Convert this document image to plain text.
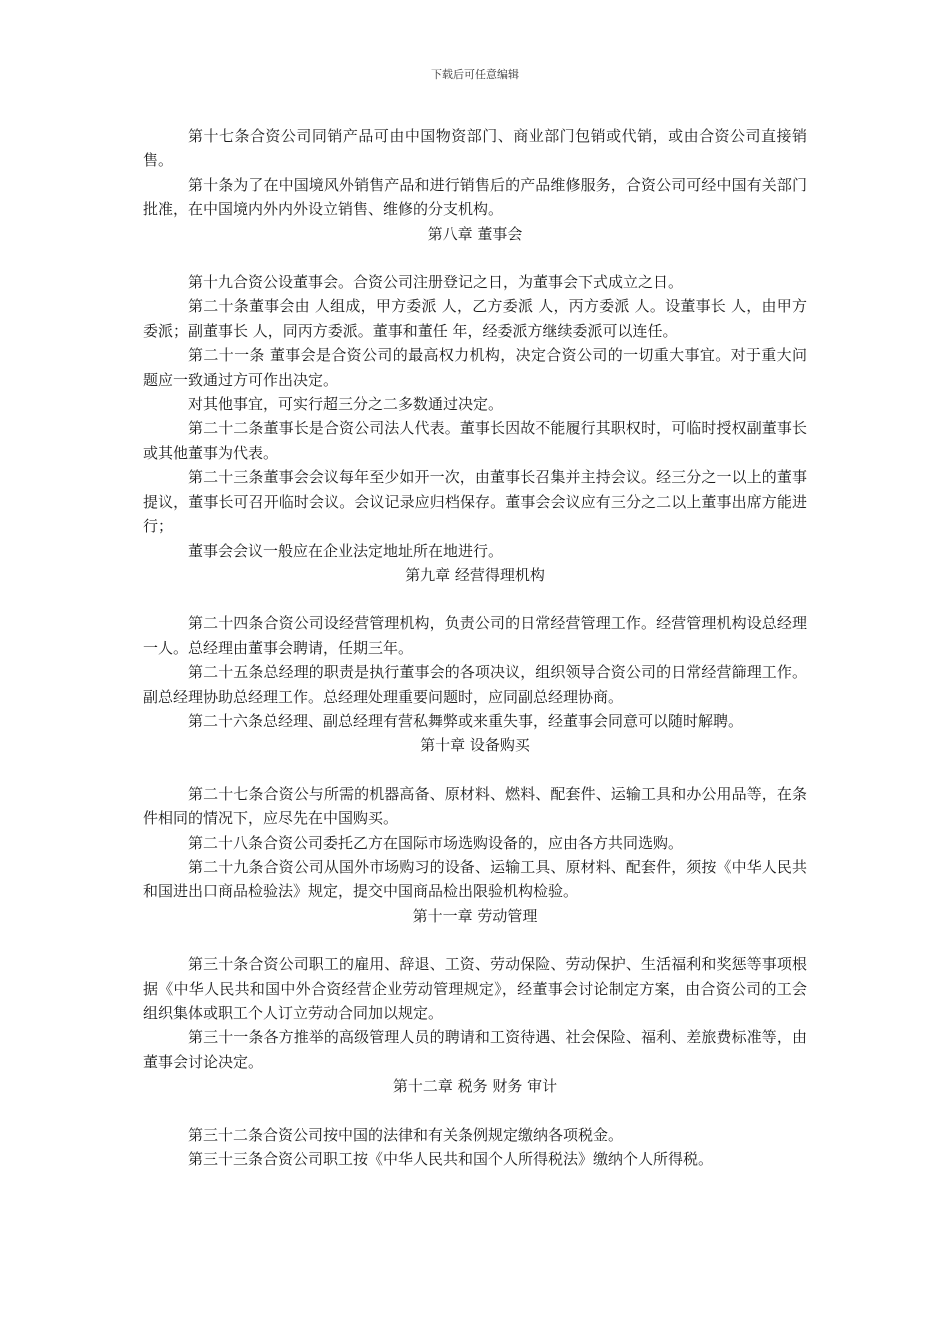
下载后可任意编辑
第十七条合资公司同销产品可由中国物资部门、商业部门包销或代销，或由合资公司直接销售。
第十条为了在中国境风外销售产品和进行销售后的产品维修服务，合资公司可经中国有关部门批准，在中国境内外内外设立销售、维修的分支机构。
第八章 董事会
第十九合资公设董事会。合资公司注册登记之日，为董事会下式成立之日。
第二十条董事会由 人组成，甲方委派 人，乙方委派 人，丙方委派 人。设董事长 人，由甲方委派；副董事长 人，同丙方委派。董事和董任 年，经委派方继续委派可以连任。
第二十一条 董事会是合资公司的最高权力机构，决定合资公司的一切重大事宜。对于重大问题应一致通过方可作出决定。
对其他事宜，可实行超三分之二多数通过决定。
第二十二条董事长是合资公司法人代表。董事长因故不能履行其职权时，可临时授权副董事长或其他董事为代表。
第二十三条董事会会议每年至少如开一次，由董事长召集并主持会议。经三分之一以上的董事提议，董事长可召开临时会议。会议记录应归档保存。董事会会议应有三分之二以上董事出席方能进行；
董事会会议一般应在企业法定地址所在地进行。
第九章 经营得理机构
第二十四条合资公司设经营管理机构，负责公司的日常经营管理工作。经营管理机构设总经理一人。总经理由董事会聘请，任期三年。
第二十五条总经理的职责是执行董事会的各项决议，组织领导合资公司的日常经营篩理工作。副总经理协助总经理工作。总经理处理重要问题时，应同副总经理协商。
第二十六条总经理、副总经理有营私舞弊或来重失事，经董事会同意可以随时解聘。
第十章 设备购买
第二十七条合资公与所需的机器高备、原材料、燃料、配套件、运输工具和办公用品等，在条件相同的情况下，应尽先在中国购买。
第二十八条合资公司委托乙方在国际市场选购设备的，应由各方共同选购。
第二十九条合资公司从国外市场购习的设备、运输工具、原材料、配套件，须按《中华人民共和国进出口商品检验法》规定，提交中国商品检出限验机构检验。
第十一章 劳动管理
第三十条合资公司职工的雇用、辞退、工资、劳动保险、劳动保护、生活福利和奖惩等事项根据《中华人民共和国中外合资经营企业劳动管理规定》，经董事会讨论制定方案，由合资公司的工会组织集体或职工个人订立劳动合同加以规定。
第三十一条各方推举的高级管理人员的聘请和工资待遇、社会保险、福利、差旅费标准等，由董事会讨论决定。
第十二章 税务 财务 审计
第三十二条合资公司按中国的法律和有关条例规定缴纳各项税金。
第三十三条合资公司职工按《中华人民共和国个人所得税法》缴纳个人所得税。
